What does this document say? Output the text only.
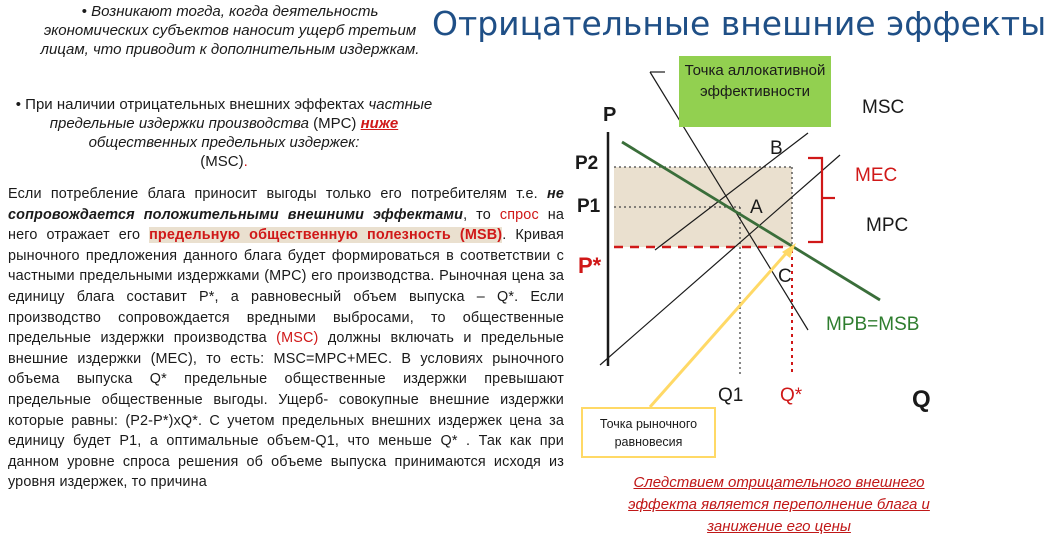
• Возникают тогда, когда деятельность экономических субъектов наносит ущерб третьим лицам, что приводит к дополнительным издержкам.
Отрицательные внешние эффекты
• При наличии отрицательных внешних эффектах частные предельные издержки производства (MPC) ниже общественных предельных издержек:
(MSC).
Если потребление блага приносит выгоды только его потребителям т.е. не сопровождается положительными внешними эффектами, то спрос на него отражает его предельную общественную полезность (MSB). Кривая рыночного предложения данного блага будет формироваться в соответствии с частными предельными издержками (MPC) его производства. Рыночная цена за единицу блага составит P*, а равновесный объем выпуска – Q*. Если производство сопровождается вредными выбросами, то общественные предельные издержки производства (MSC) должны включать и предельные внешние издержки (MEC), то есть: MSC=MPC+MEC. В условиях рыночного объема выпуска Q* предельные общественные издержки превышают предельные общественные выгоды. Ущерб- совокупные внешние издержки которые равны: (P2-P*)xQ*. С учетом предельных внешних издержек цена за единицу будет P1, а оптимальные объем-Q1, что меньше Q* . Так как при данном уровне спроса решения об объеме выпуска принимаются исходя из уровня издержек, то причина
P
P2
P1
P*
Q
Q1 Q*
A
B
C
MSC
MEC
MPC
MPB=MSB
Точка аллокативной эффективности
Точка рыночного равновесия
Следствием отрицательного внешнего эффекта является переполнение блага и занижение его цены
